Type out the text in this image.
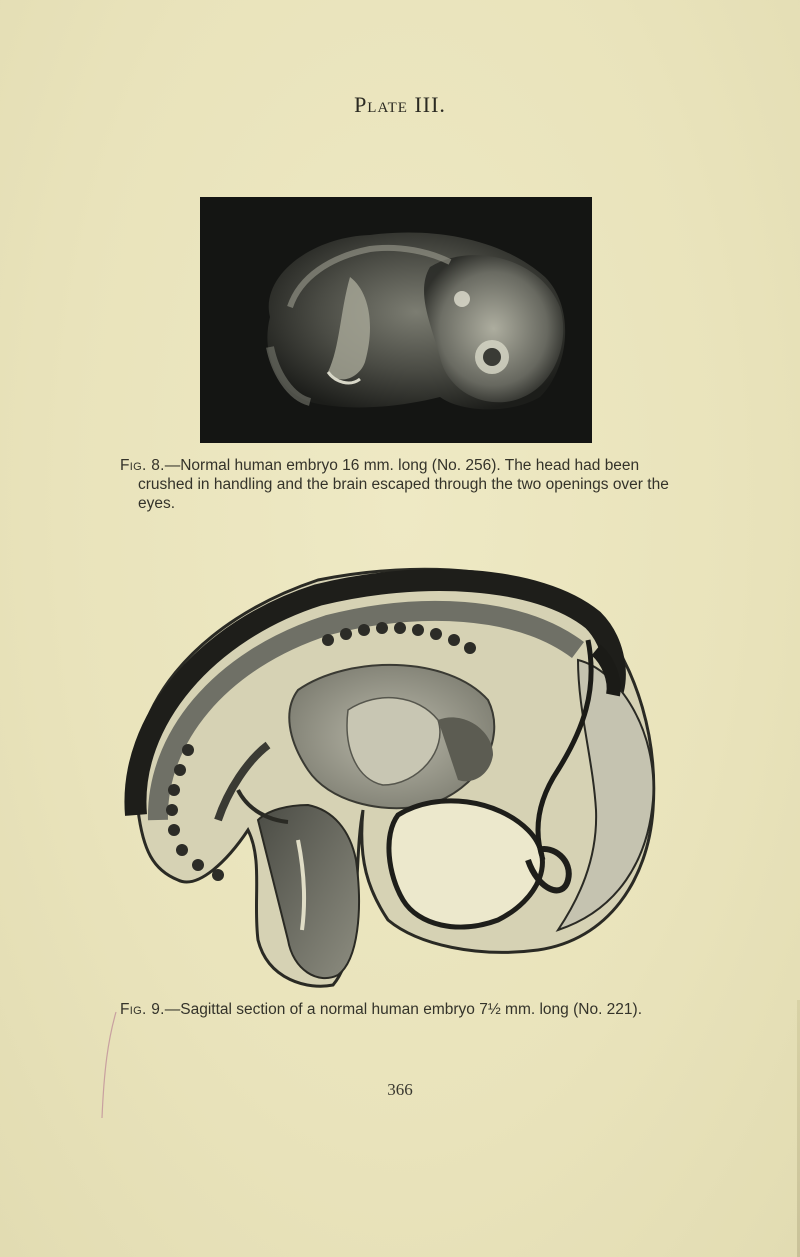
Plate III.
Fig. 8.—Normal human embryo 16 mm. long (No. 256). The head had been crushed in handling and the brain escaped through the two openings over the eyes.
Fig. 9.—Sagittal section of a normal human embryo 7½ mm. long (No. 221).
366
